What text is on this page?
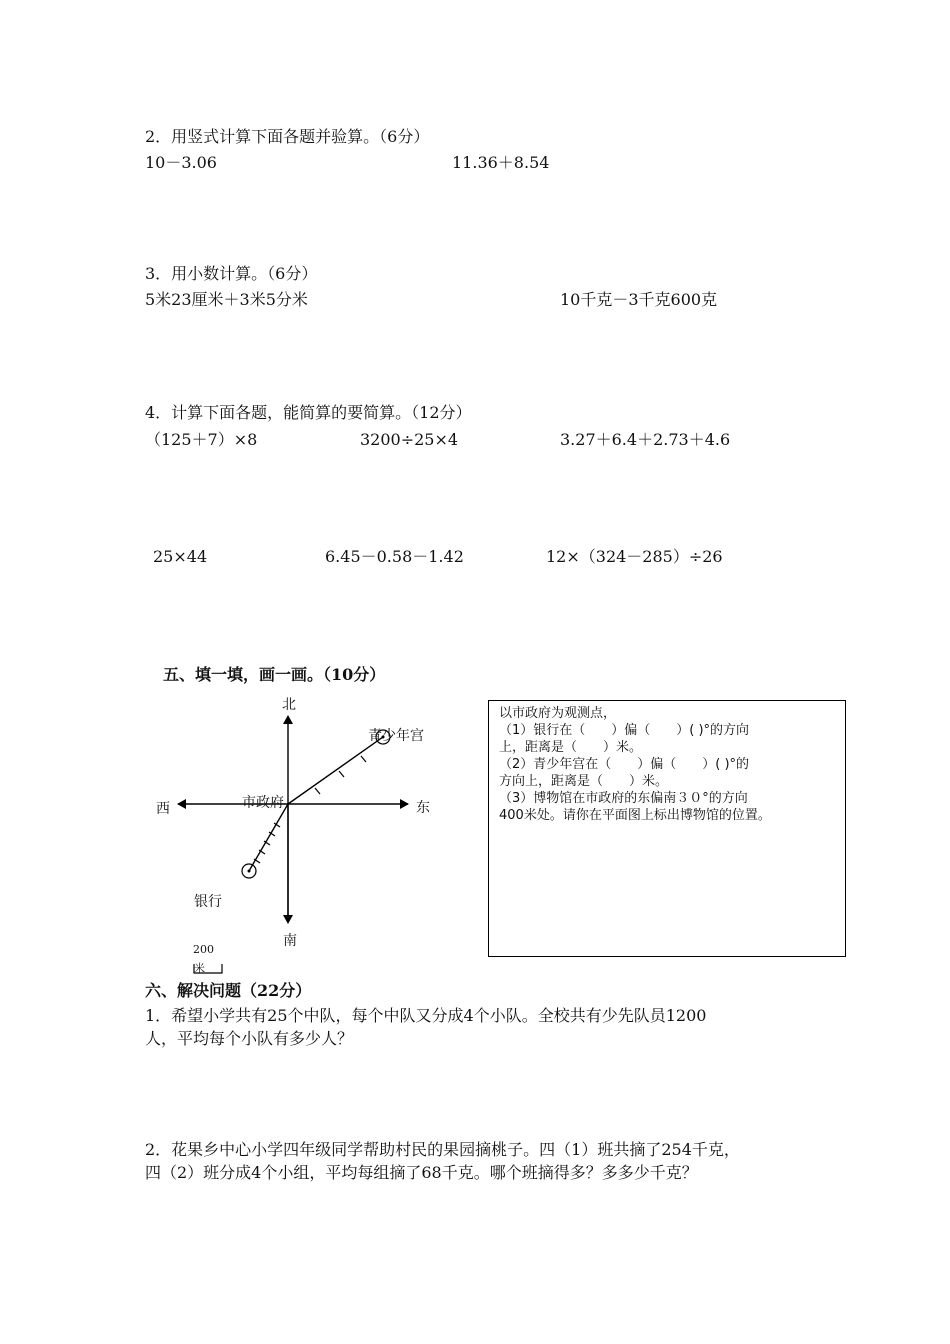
2．用竖式计算下面各题并验算。（6分）
10－3.06	11.36＋8.54
3．用小数计算。（6分）
5米23厘米＋3米5分米	10千克－3千克600克
4．计算下面各题，能简算的要简算。（12分）
（125＋7）×8	3200÷25×4	3.27＋6.4＋2.73＋4.6
25×44	6.45－0.58－1.42	12×（324－285）÷26
五、填一填，画一画。（10分）
北
南
东
西	市政府
青少年宫
银行
200
米
以市政府为观测点，
（1）银行在（　　）偏（　　）( )°的方向
上，距离是（　　）米。
（2）青少年宫在（　　）偏（　　）( )°的
方向上，距离是（　　）米。
（3）博物馆在市政府的东偏南３０°的方向
400米处。请你在平面图上标出博物馆的位置。
六、解决问题（22分）
1．希望小学共有25个中队，每个中队又分成4个小队。全校共有少先队员1200
人，平均每个小队有多少人？
2．花果乡中心小学四年级同学帮助村民的果园摘桃子。四（1）班共摘了254千克，
四（2）班分成4个小组，平均每组摘了68千克。哪个班摘得多？多多少千克？
